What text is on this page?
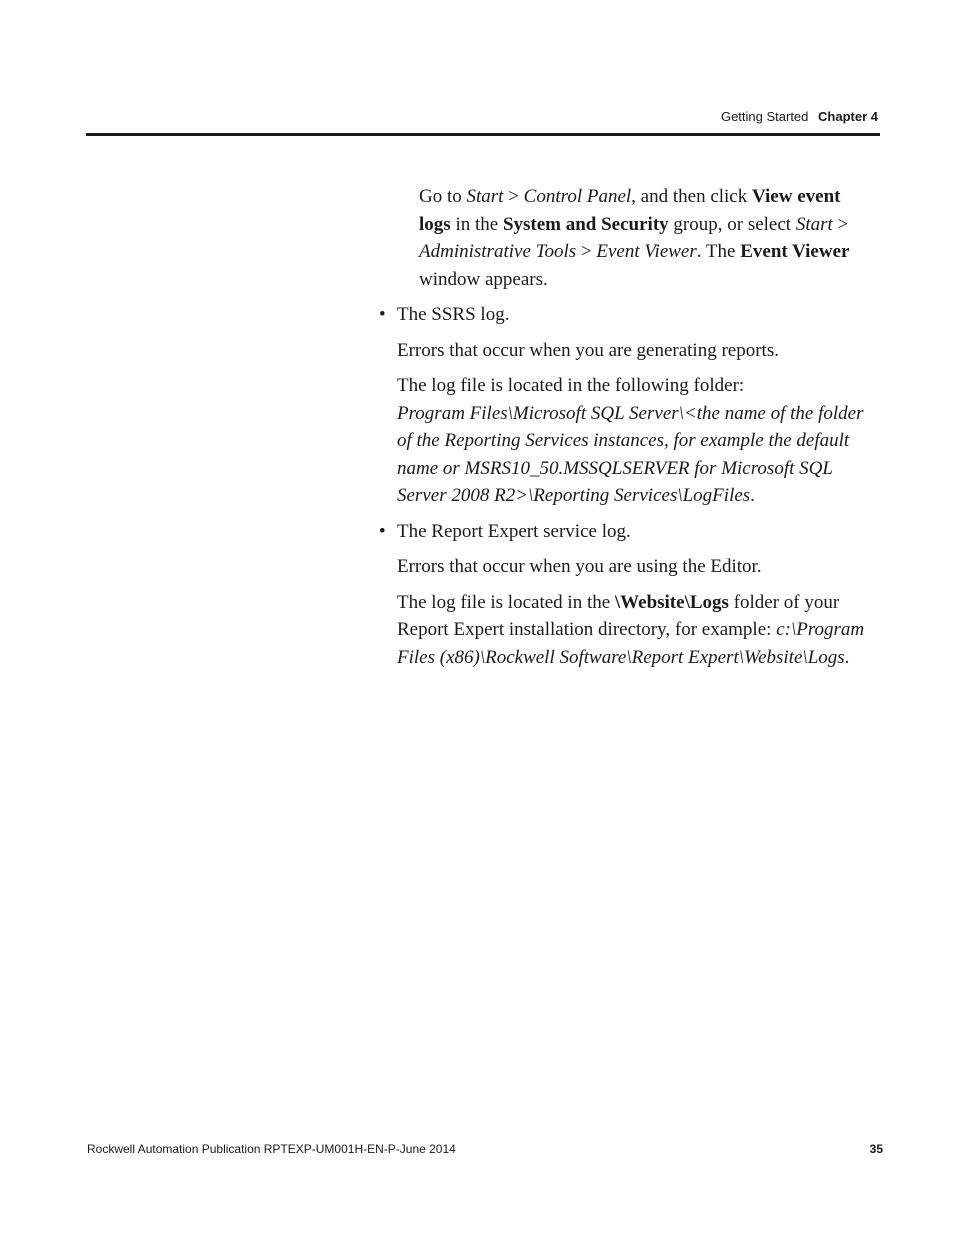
Getting Started Chapter 4

Go to Start > Control Panel, and then click View event logs in the System and Security group, or select Start > Administrative Tools > Event Viewer. The Event Viewer window appears.

• The SSRS log.

Errors that occur when you are generating reports.

The log file is located in the following folder:
Program Files\Microsoft SQL Server\<the name of the folder of the Reporting Services instances, for example the default name or MSRS10_50.MSSQLSERVER for Microsoft SQL Server 2008 R2>\Reporting Services\LogFiles.

• The Report Expert service log.

Errors that occur when you are using the Editor.

The log file is located in the \Website\Logs folder of your Report Expert installation directory, for example: c:\Program Files (x86)\Rockwell Software\Report Expert\Website\Logs.

Rockwell Automation Publication RPTEXP-UM001H-EN-P-June 2014	35
